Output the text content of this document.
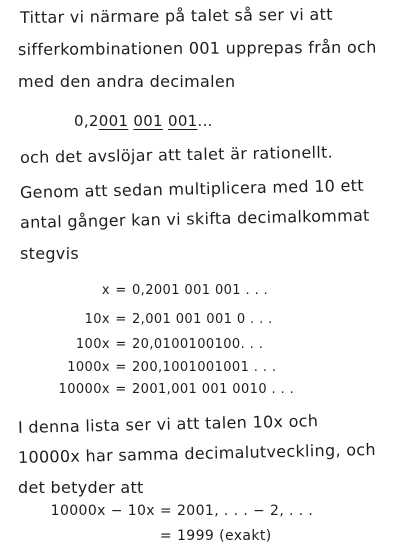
Tittar vi närmare på talet så ser vi att
sifferkombinationen 001 upprepas från och
med den andra decimalen
0,2001 001 001...
och det avslöjar att talet är rationellt.
Genom att sedan multiplicera med 10 ett
antal gånger kan vi skifta decimalkommat
stegvis
x = 0,2001 001 001 . . .
10x = 2,001 001 001 0 . . .
100x = 20,0100100100. . .
1000x = 200,1001001001 . . .
10000x = 2001,001 001 0010 . . .
I denna lista ser vi att talen 10x och
10000x har samma decimalutveckling, och
det betyder att
10000x − 10x = 2001, . . . − 2, . . .
= 1999 (exakt)
